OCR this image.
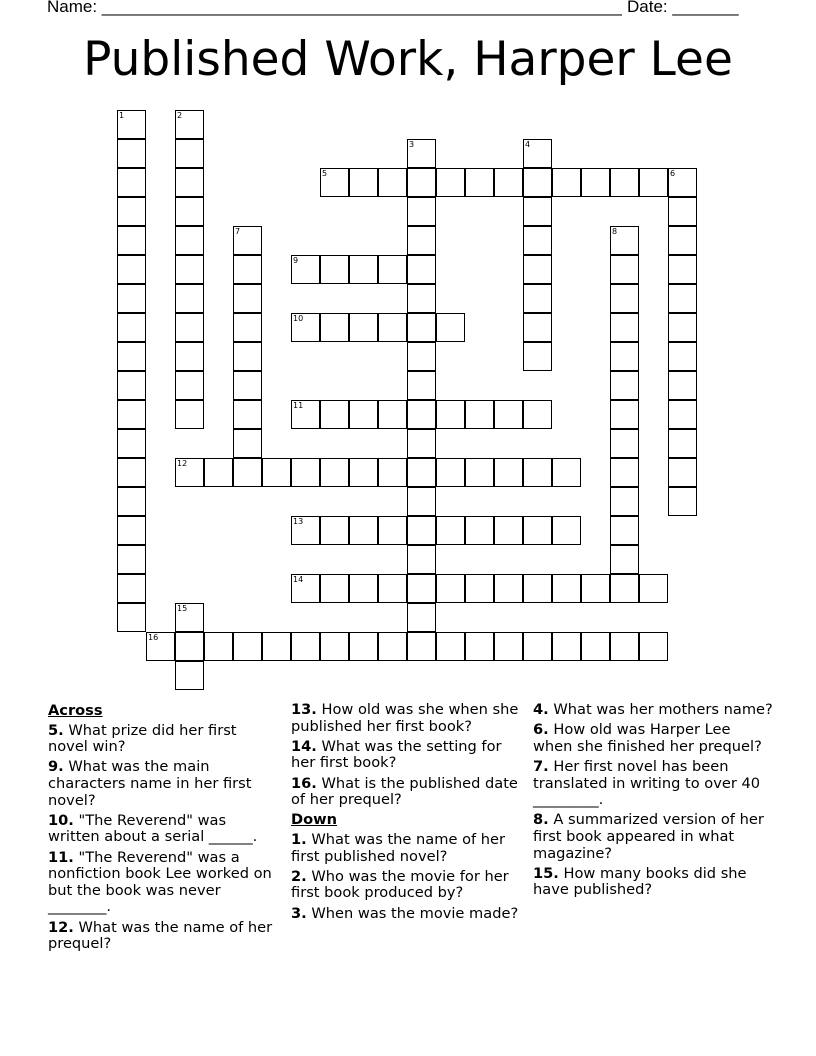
Name: _______________________________________________________ Date: _______
Published Work, Harper Lee
1	2
3	4
5	6
7	8
9
10
11
12
13
14
15
16
Across
5. What prize did her first novel win?
9. What was the main characters name in her first novel?
10. "The Reverend" was written about a serial ______.
11. "The Reverend" was a nonfiction book Lee worked on but the book was never ________.
12. What was the name of her prequel?
13. How old was she when she published her first book?
14. What was the setting for her first book?
16. What is the published date of her prequel?
Down
1. What was the name of her first published novel?
2. Who was the movie for her first book produced by?
3. When was the movie made?
4. What was her mothers name?
6. How old was Harper Lee when she finished her prequel?
7. Her first novel has been translated in writing to over 40 _________.
8. A summarized version of her first book appeared in what magazine?
15. How many books did she have published?
